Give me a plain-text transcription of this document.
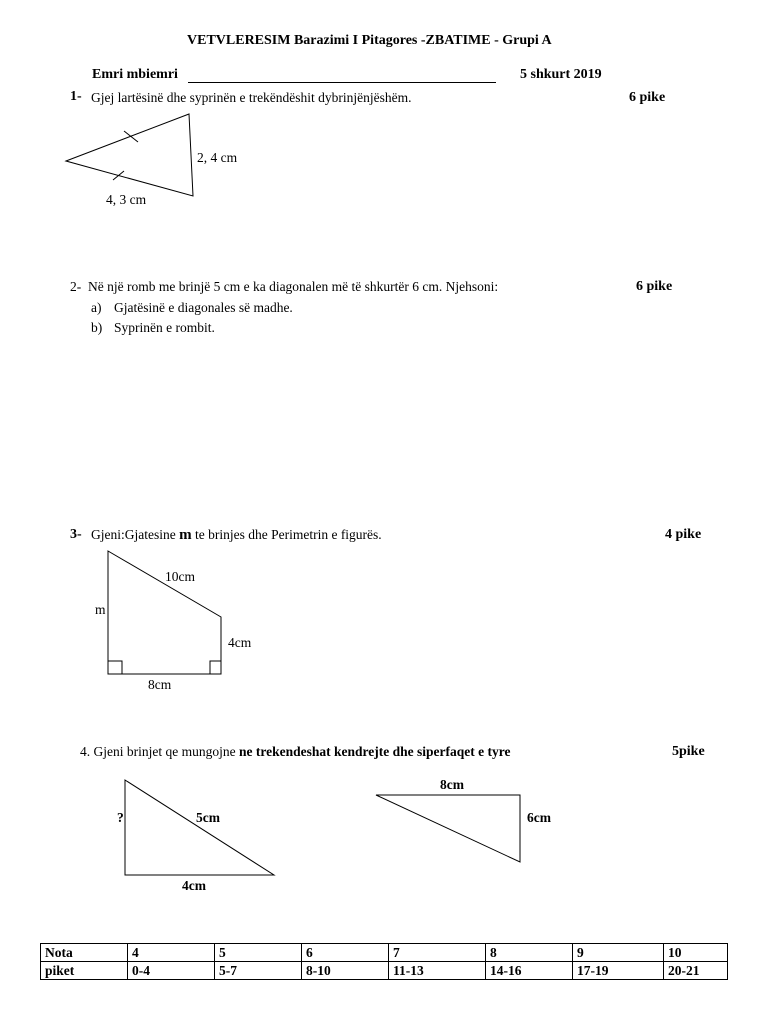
VETVLERESIM Barazimi I Pitagores -ZBATIME - Grupi A
Emri mbiemri	5 shkurt 2019
1- Gjej lartësinë dhe syprinën e trekëndëshit dybrinjënjëshëm.	6 pike
2, 4 cm
4, 3 cm
2- Në një romb me brinjë 5 cm e ka diagonalen më të shkurtër 6 cm. Njehsoni:	6 pike
a) Gjatësinë e diagonales së madhe.
b) Syprinën e rombit.
3- Gjeni:Gjatesine m te brinjes dhe Perimetrin e figurës.	4 pike
10cm
m
4cm
8cm
4. Gjeni brinjet qe mungojne ne trekendeshat kendrejte dhe siperfaqet e tyre	5pike
?	5cm
4cm
8cm
6cm
Nota	4	5	6	7	8	9	10
piket	0-4	5-7	8-10	11-13	14-16	17-19	20-21
